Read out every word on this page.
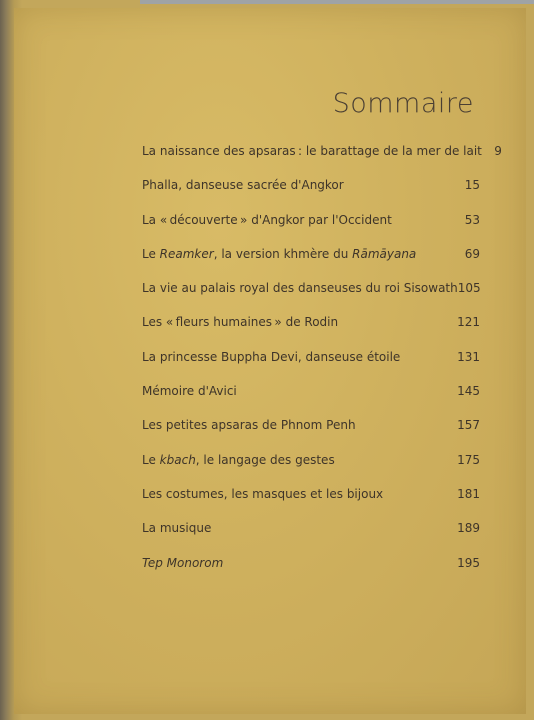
Sommaire
La naissance des apsaras : le barattage de la mer de lait	9
Phalla, danseuse sacrée d'Angkor	15
La « découverte » d'Angkor par l'Occident	53
Le Reamker, la version khmère du Rāmāyana	69
La vie au palais royal des danseuses du roi Sisowath 105
Les « fleurs humaines » de Rodin	121
La princesse Buppha Devi, danseuse étoile	131
Mémoire d'Avici	145
Les petites apsaras de Phnom Penh	157
Le kbach, le langage des gestes	175
Les costumes, les masques et les bijoux	181
La musique	189
Tep Monorom	195
